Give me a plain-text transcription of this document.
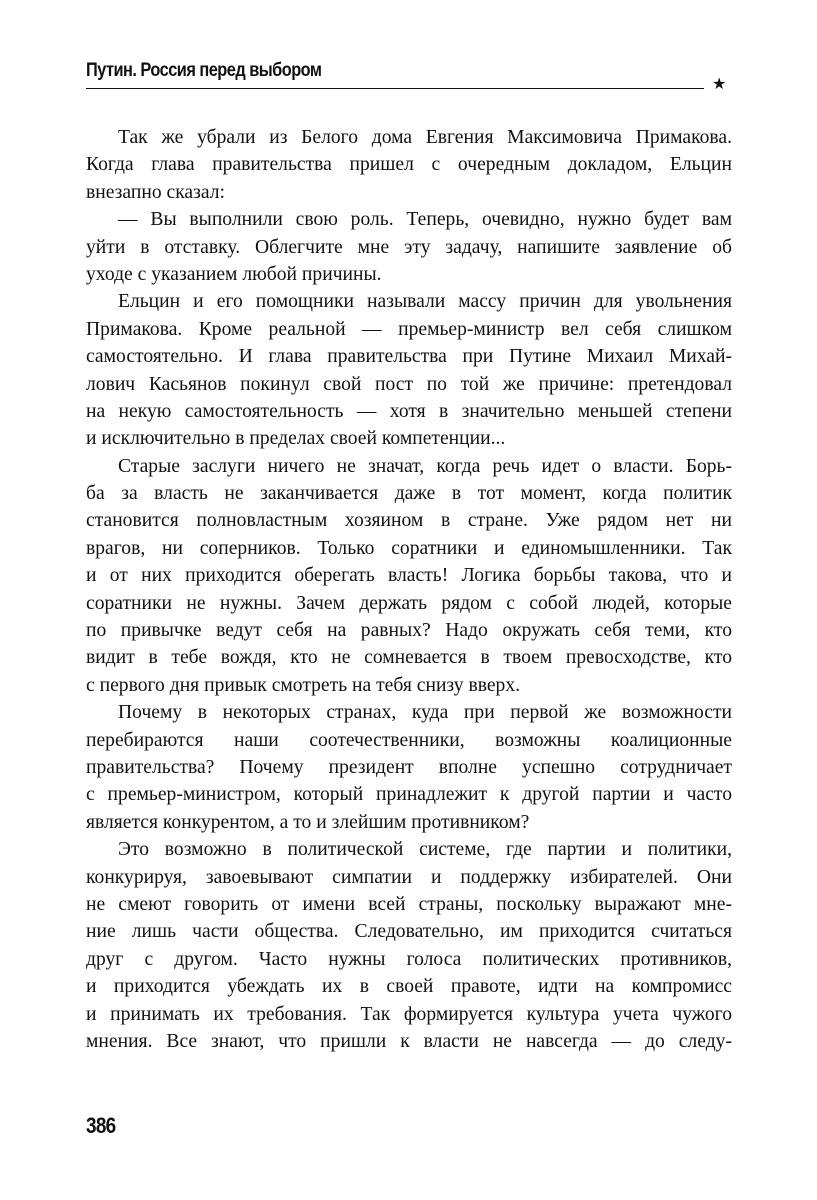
Путин. Россия перед выбором
★
Так же убрали из Белого дома Евгения Максимовича Примакова.
Когда глава правительства пришел с очередным докладом, Ельцин
внезапно сказал:
— Вы выполнили свою роль. Теперь, очевидно, нужно будет вам
уйти в отставку. Облегчите мне эту задачу, напишите заявление об
уходе с указанием любой причины.
Ельцин и его помощники называли массу причин для увольнения
Примакова. Кроме реальной — премьер-министр вел себя слишком
самостоятельно. И глава правительства при Путине Михаил Михай-
лович Касьянов покинул свой пост по той же причине: претендовал
на некую самостоятельность — хотя в значительно меньшей степени
и исключительно в пределах своей компетенции...
Старые заслуги ничего не значат, когда речь идет о власти. Борь-
ба за власть не заканчивается даже в тот момент, когда политик
становится полновластным хозяином в стране. Уже рядом нет ни
врагов, ни соперников. Только соратники и единомышленники. Так
и от них приходится оберегать власть! Логика борьбы такова, что и
соратники не нужны. Зачем держать рядом с собой людей, которые
по привычке ведут себя на равных? Надо окружать себя теми, кто
видит в тебе вождя, кто не сомневается в твоем превосходстве, кто
с первого дня привык смотреть на тебя снизу вверх.
Почему в некоторых странах, куда при первой же возможности
перебираются наши соотечественники, возможны коалиционные
правительства? Почему президент вполне успешно сотрудничает
с премьер-министром, который принадлежит к другой партии и часто
является конкурентом, а то и злейшим противником?
Это возможно в политической системе, где партии и политики,
конкурируя, завоевывают симпатии и поддержку избирателей. Они
не смеют говорить от имени всей страны, поскольку выражают мне-
ние лишь части общества. Следовательно, им приходится считаться
друг с другом. Часто нужны голоса политических противников,
и приходится убеждать их в своей правоте, идти на компромисс
и принимать их требования. Так формируется культура учета чужого
мнения. Все знают, что пришли к власти не навсегда — до следу-
386
